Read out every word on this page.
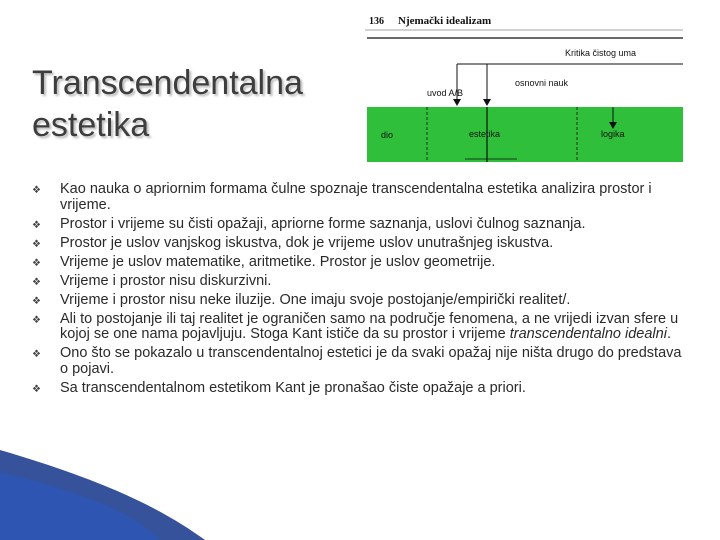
Transcendentalna
estetika
136 Njemački idealizam
Kritika čistog uma
osnovni nauk
uvod A/B
dio	estetika	logika
❖ Kao nauka o apriornim formama čulne spoznaje transcendentalna estetika analizira prostor i vrijeme.
❖ Prostor i vrijeme su čisti opažaji, apriorne forme saznanja, uslovi čulnog saznanja.
❖ Prostor je uslov vanjskog iskustva, dok je vrijeme uslov unutrašnjeg iskustva.
❖ Vrijeme je uslov matematike, aritmetike. Prostor je uslov geometrije.
❖ Vrijeme i prostor nisu diskurzivni.
❖ Vrijeme i prostor nisu neke iluzije. One imaju svoje postojanje/empirički realitet/.
❖ Ali to postojanje ili taj realitet je ograničen samo na područje fenomena, a ne vrijedi izvan sfere u kojoj se one nama pojavljuju. Stoga Kant ističe da su prostor i vrijeme transcendentalno idealni.
❖ Ono što se pokazalo u transcendentalnoj estetici je da svaki opažaj nije ništa drugo do predstava o pojavi.
❖ Sa transcendentalnom estetikom Kant je pronašao čiste opažaje a priori.
